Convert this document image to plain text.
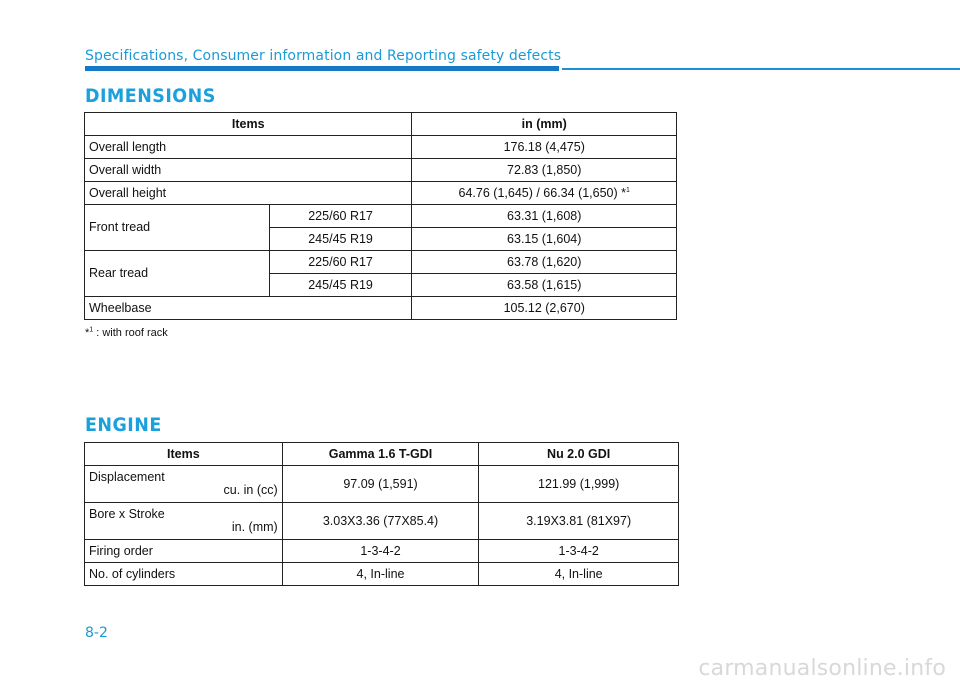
Specifications, Consumer information and Reporting safety defects
DIMENSIONS
Items		in (mm)
Overall length		176.18 (4,475)
Overall width		72.83 (1,850)
Overall height		64.76 (1,645) / 66.34 (1,650) *$^1$
Front tread	225/60 R17	63.31 (1,608)
	245/45 R19	63.15 (1,604)
Rear tread	225/60 R17	63.78 (1,620)
	245/45 R19	63.58 (1,615)
Wheelbase		105.12 (2,670)
*$^1$ : with roof rack
ENGINE
Items	Gamma 1.6 T-GDI	Nu 2.0 GDI

Displacement
cu. in (cc)	97.09 (1,591)	121.99 (1,999)

Bore x Stroke
in. (mm)	3.03X3.36 (77X85.4)	3.19X3.81 (81X97)
Firing order	1-3-4-2	1-3-4-2
No. of cylinders	4, In-line	4, In-line
8-2
carmanualsonline.info
